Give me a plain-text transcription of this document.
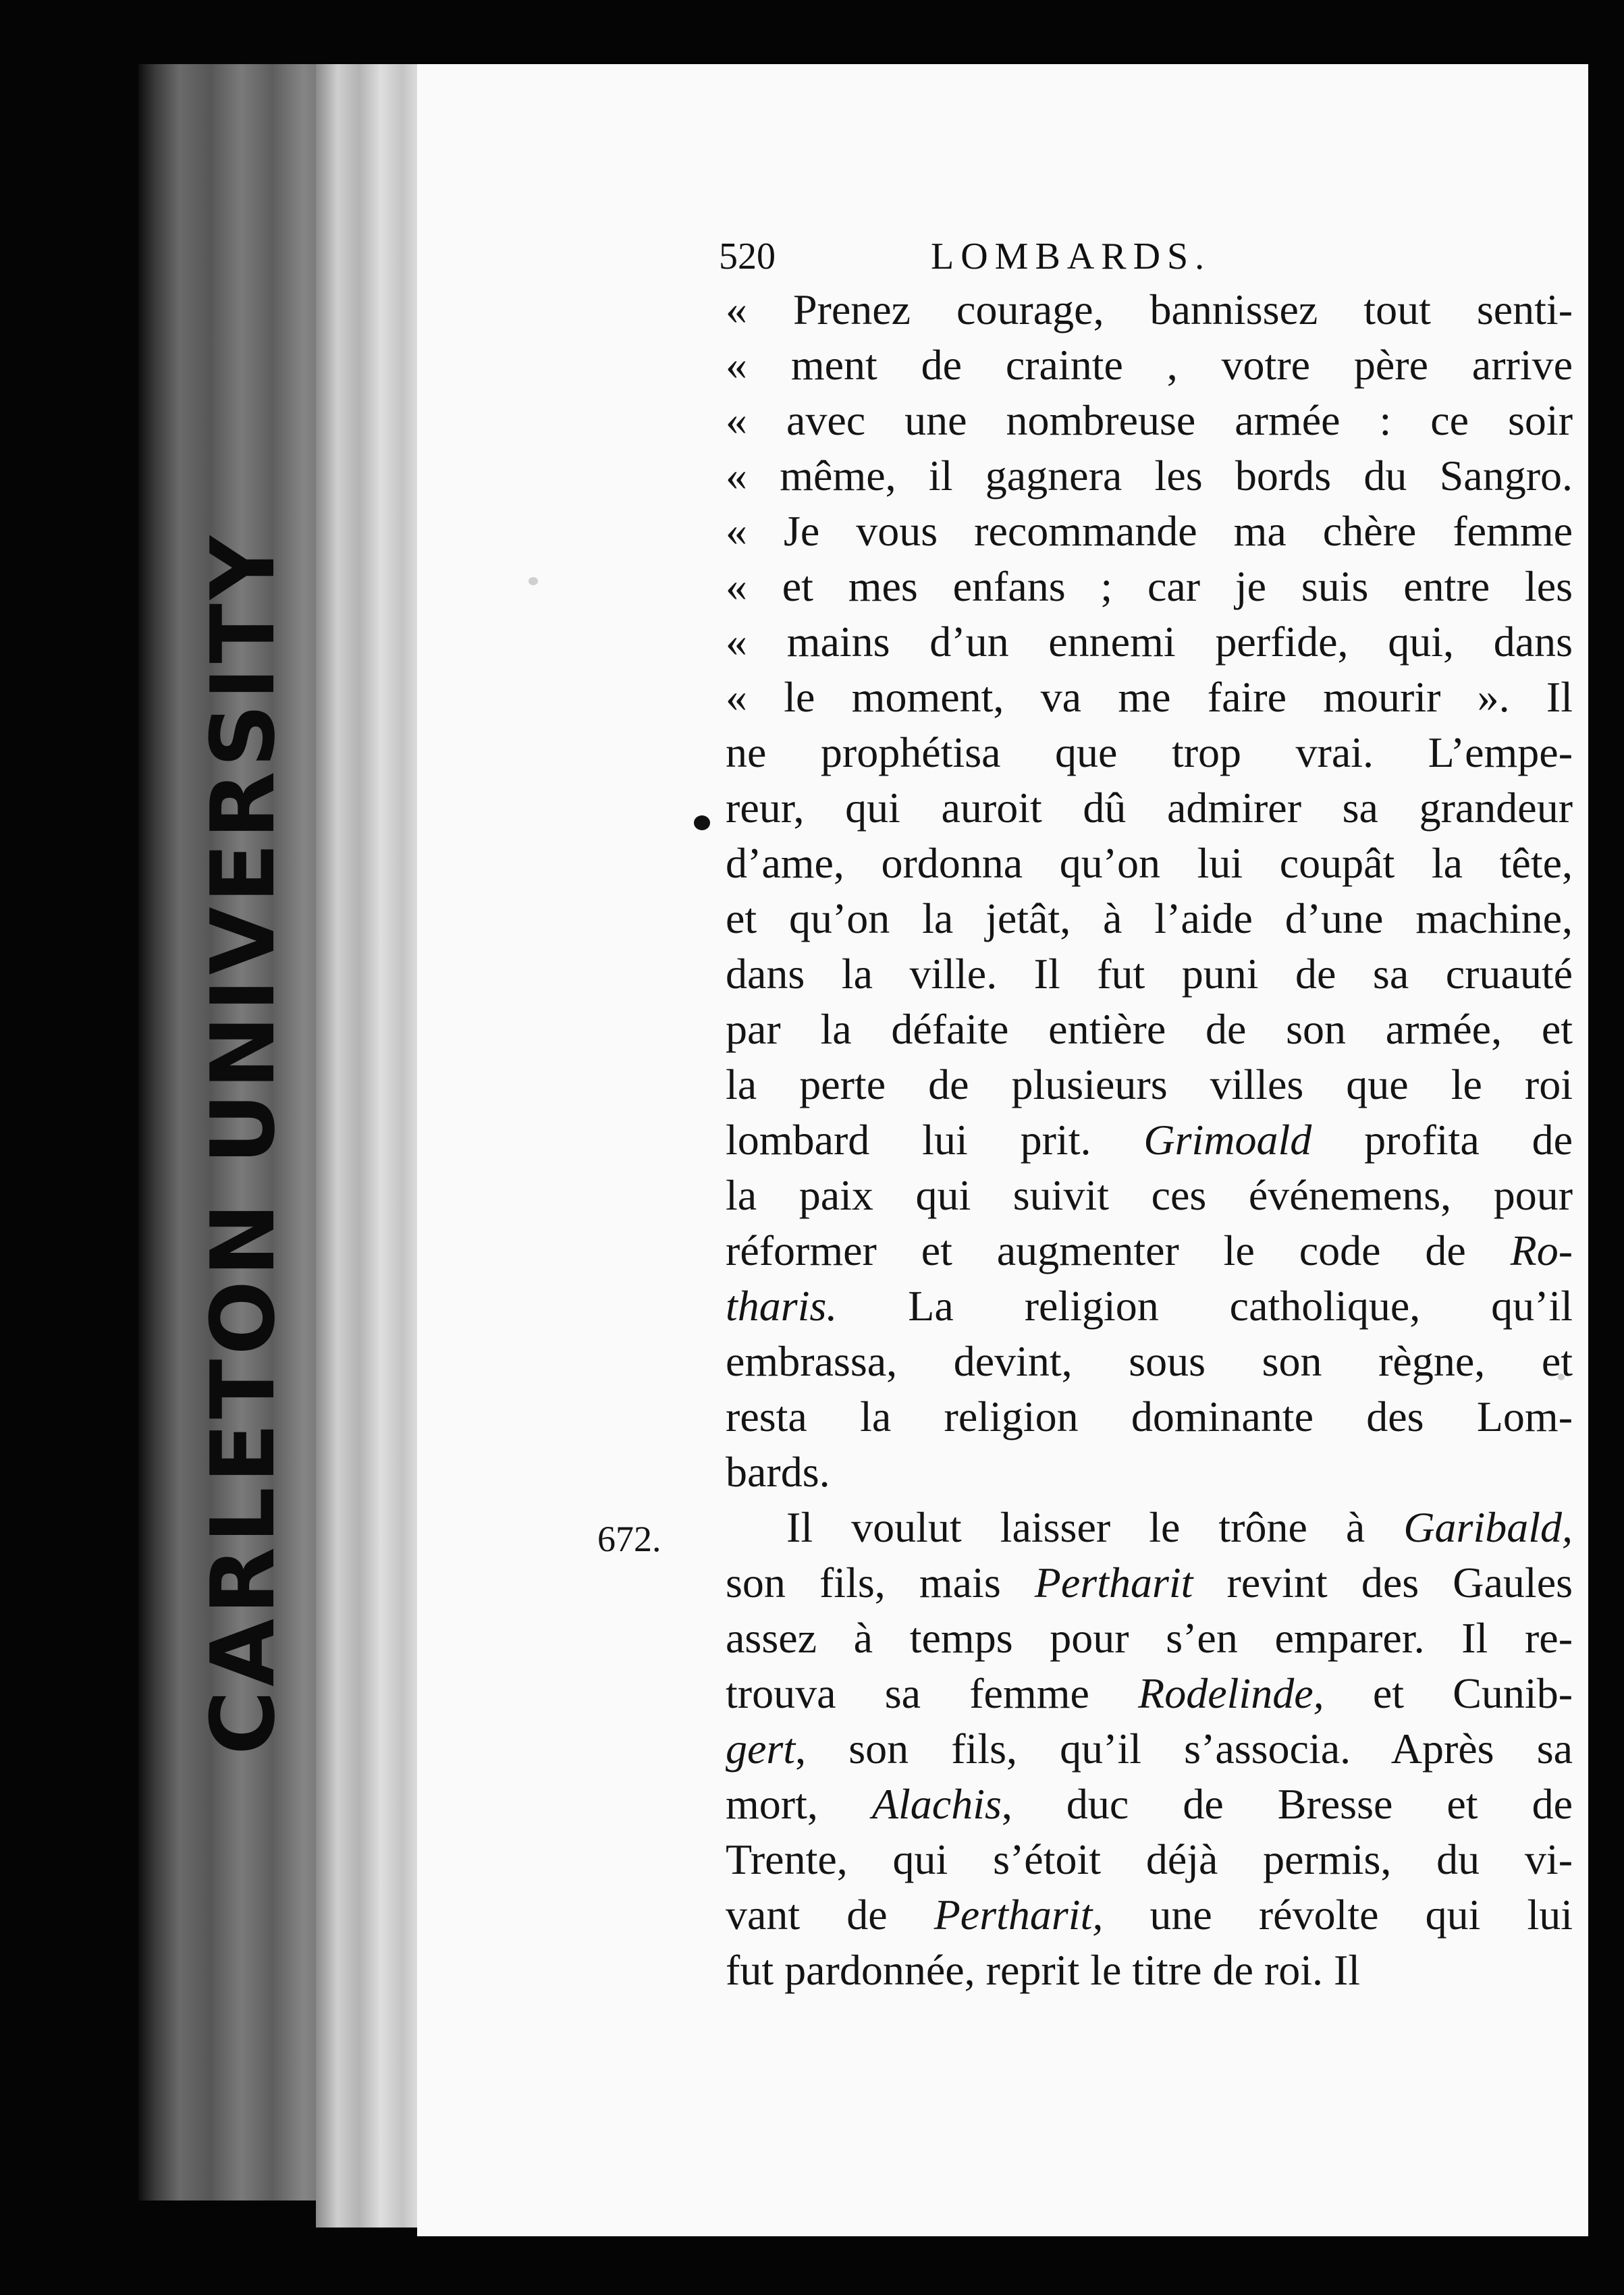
CARLETON UNIVERSITY
520	LOMBARDS.
672.
« Prenez courage, bannissez tout senti-
« ment de crainte , votre père arrive
« avec une nombreuse armée : ce soir
« même, il gagnera les bords du Sangro.
« Je vous recommande ma chère femme
« et mes enfans ; car je suis entre les
« mains d’un ennemi perfide, qui, dans
« le moment, va me faire mourir ». Il
ne prophétisa que trop vrai. L’empe-
reur, qui auroit dû admirer sa grandeur
d’ame, ordonna qu’on lui coupât la tête,
et qu’on la jetât, à l’aide d’une machine,
dans la ville. Il fut puni de sa cruauté
par la défaite entière de son armée, et
la perte de plusieurs villes que le roi
lombard lui prit. Grimoald profita de
la paix qui suivit ces événemens, pour
réformer et augmenter le code de Ro-
tharis. La religion catholique, qu’il
embrassa, devint, sous son règne, et
resta la religion dominante des Lom-
bards.
Il voulut laisser le trône à Garibald,
son fils, mais Pertharit revint des Gaules
assez à temps pour s’en emparer. Il re-
trouva sa femme Rodelinde, et Cunib-
gert, son fils, qu’il s’associa. Après sa
mort, Alachis, duc de Bresse et de
Trente, qui s’étoit déjà permis, du vi-
vant de Pertharit, une révolte qui lui
fut pardonnée, reprit le titre de roi. Il
